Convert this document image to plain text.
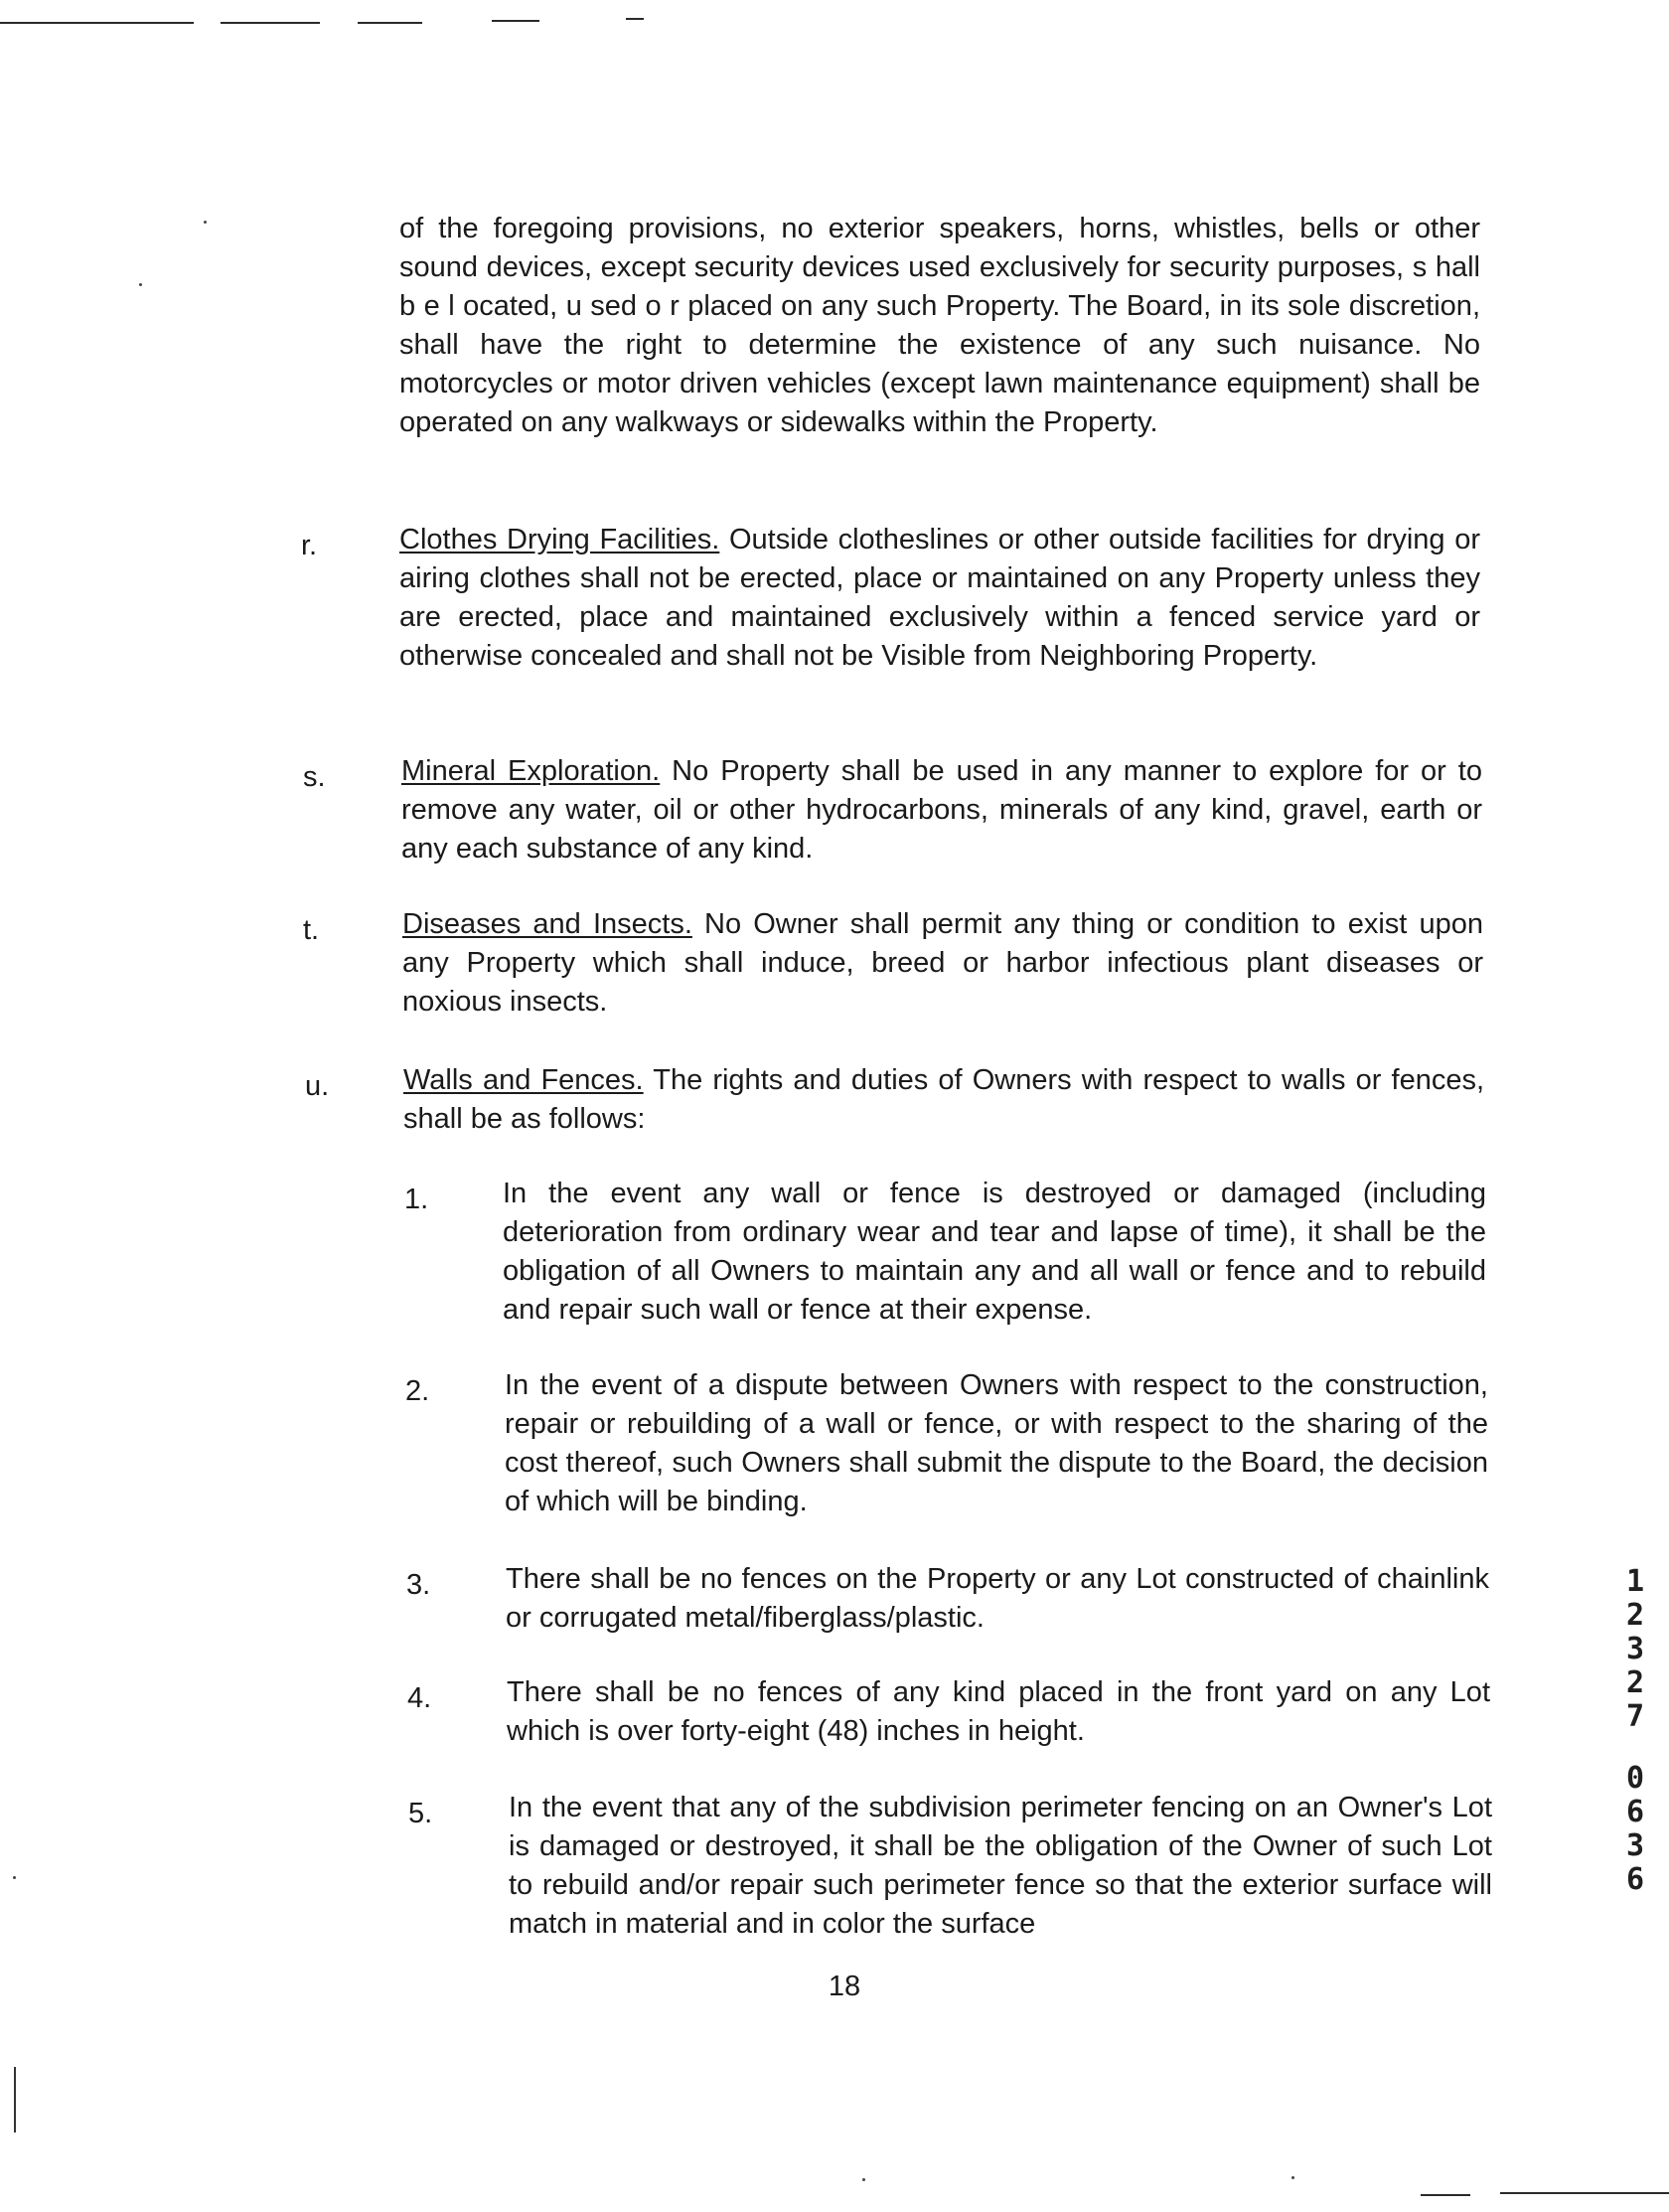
of the foregoing provisions, no exterior speakers, horns, whistles, bells or other sound devices, except security devices used exclusively for security purposes, s hall b e l ocated, u sed o r placed on any such Property. The Board, in its sole discretion, shall have the right to determine the existence of any such nuisance. No motorcycles or motor driven vehicles (except lawn maintenance equipment) shall be operated on any walkways or sidewalks within the Property.

r.	Clothes Drying Facilities. Outside clotheslines or other outside facilities for drying or airing clothes shall not be erected, place or maintained on any Property unless they are erected, place and maintained exclusively within a fenced service yard or otherwise concealed and shall not be Visible from Neighboring Property.

s.	Mineral Exploration. No Property shall be used in any manner to explore for or to remove any water, oil or other hydrocarbons, minerals of any kind, gravel, earth or any each substance of any kind.

t.	Diseases and Insects. No Owner shall permit any thing or condition to exist upon any Property which shall induce, breed or harbor infectious plant diseases or noxious insects.

u.	Walls and Fences. The rights and duties of Owners with respect to walls or fences, shall be as follows:

1.	In the event any wall or fence is destroyed or damaged (including deterioration from ordinary wear and tear and lapse of time), it shall be the obligation of all Owners to maintain any and all wall or fence and to rebuild and repair such wall or fence at their expense.

2.	In the event of a dispute between Owners with respect to the construction, repair or rebuilding of a wall or fence, or with respect to the sharing of the cost thereof, such Owners shall submit the dispute to the Board, the decision of which will be binding.

3.	There shall be no fences on the Property or any Lot constructed of chainlink or corrugated metal/fiberglass/plastic.

4.	There shall be no fences of any kind placed in the front yard on any Lot which is over forty-eight (48) inches in height.

5.	In the event that any of the subdivision perimeter fencing on an Owner's Lot is damaged or destroyed, it shall be the obligation of the Owner of such Lot to rebuild and/or repair such perimeter fence so that the exterior surface will match in material and in color the surface

18
1
2
3
2
7
0
6
3
6
